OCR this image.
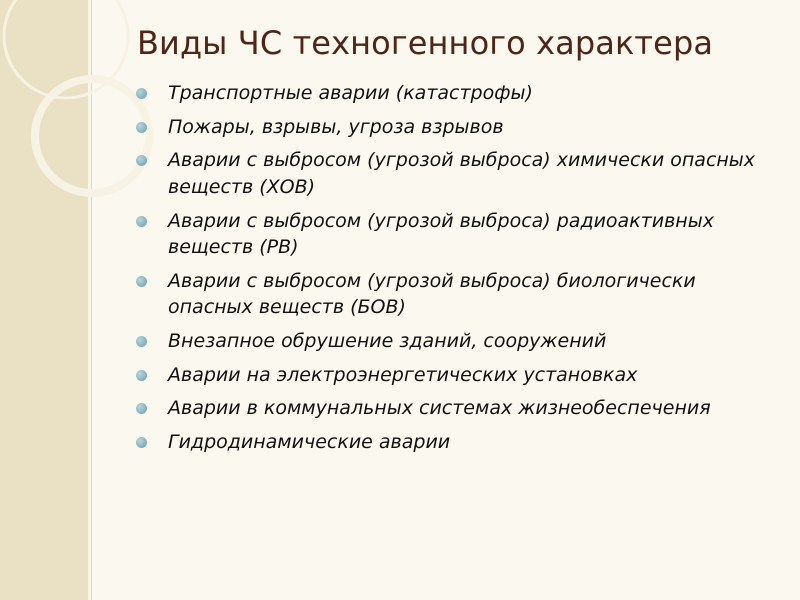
Виды ЧС техногенного характера
Транспортные аварии (катастрофы)
Пожары, взрывы, угроза взрывов
Аварии с выбросом (угрозой выброса) химически опасных веществ (ХОВ)
Аварии с выбросом (угрозой выброса) радиоактивных веществ (РВ)
Аварии с выбросом (угрозой выброса) биологически опасных веществ (БОВ)
Внезапное обрушение зданий, сооружений
Аварии на электроэнергетических установках
Аварии в коммунальных системах жизнеобеспечения
Гидродинамические аварии
